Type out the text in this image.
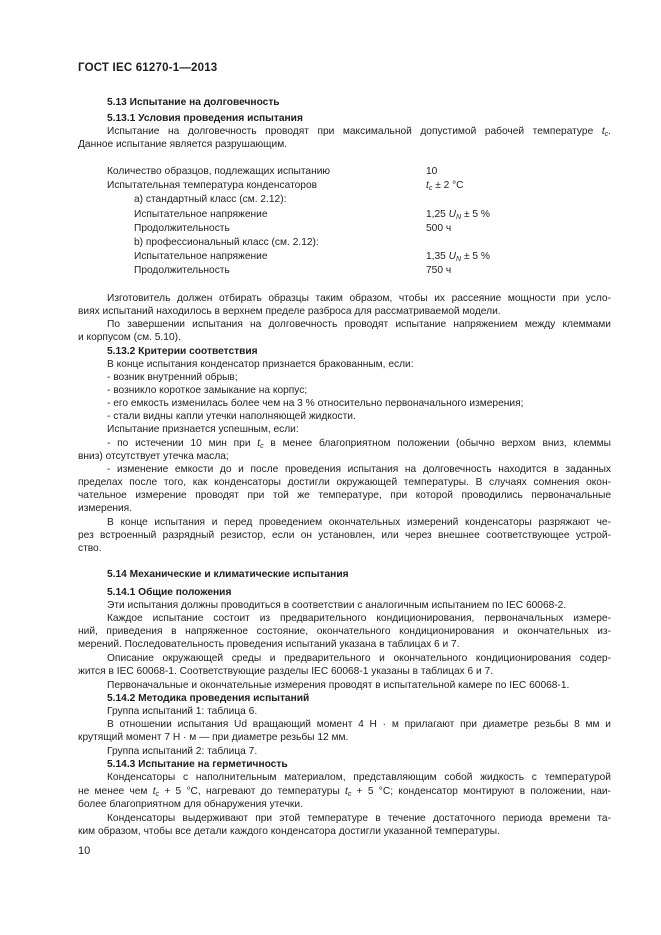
ГОСТ IEC 61270-1—2013
5.13 Испытание на долговечность
5.13.1 Условия проведения испытания
Испытание на долговечность проводят при максимальной допустимой рабочей температуре $t_c$.
Данное испытание является разрушающим.
Количество образцов, подлежащих испытанию	10
Испытательная температура конденсаторов	$t_c \pm 2$ °C
а) стандартный класс (см. 2.12):
Испытательное напряжение	1,25 $U_N \pm 5$ %
Продолжительность	500 ч
b) профессиональный класс (см. 2.12):
Испытательное напряжение	1,35 $U_N \pm 5$ %
Продолжительность	750 ч
Изготовитель должен отбирать образцы таким образом, чтобы их рассеяние мощности при усло-
виях испытаний находилось в верхнем пределе разброса для рассматриваемой модели.
По завершении испытания на долговечность проводят испытание напряжением между клеммами
и корпусом (см. 5.10).
5.13.2 Критерии соответствия
В конце испытания конденсатор признается бракованным, если:
- возник внутренний обрыв;
- возникло короткое замыкание на корпус;
- его емкость изменилась более чем на 3 % относительно первоначального измерения;
- стали видны капли утечки наполняющей жидкости.
Испытание признается успешным, если:
- по истечении 10 мин при $t_c$ в менее благоприятном положении (обычно верхом вниз, клеммы
вниз) отсутствует утечка масла;
- изменение емкости до и после проведения испытания на долговечность находится в заданных
пределах после того, как конденсаторы достигли окружающей температуры. В случаях сомнения окон-
чательное измерение проводят при той же температуре, при которой проводились первоначальные
измерения.
В конце испытания и перед проведением окончательных измерений конденсаторы разряжают че-
рез встроенный разрядный резистор, если он установлен, или через внешнее соответствующее устрой-
ство.
5.14 Механические и климатические испытания
5.14.1 Общие положения
Эти испытания должны проводиться в соответствии с аналогичным испытанием по IEC 60068-2.
Каждое испытание состоит из предварительного кондиционирования, первоначальных измере-
ний, приведения в напряженное состояние, окончательного кондиционирования и окончательных из-
мерений. Последовательность проведения испытаний указана в таблицах 6 и 7.
Описание окружающей среды и предварительного и окончательного кондиционирования содер-
жится в IEC 60068-1. Соответствующие разделы IEC 60068-1 указаны в таблицах 6 и 7.
Первоначальные и окончательные измерения проводят в испытательной камере по IEC 60068-1.
5.14.2 Методика проведения испытаний
Группа испытаний 1: таблица 6.
В отношении испытания Ud вращающий момент 4 Н · м прилагают при диаметре резьбы 8 мм и
крутящий момент 7 Н · м — при диаметре резьбы 12 мм.
Группа испытаний 2: таблица 7.
5.14.3 Испытание на герметичность
Конденсаторы с наполнительным материалом, представляющим собой жидкость с температурой
не менее чем $t_c + 5$ °C, нагревают до температуры $t_c + 5$ °C; конденсатор монтируют в положении, наи-
более благоприятном для обнаружения утечки.
Конденсаторы выдерживают при этой температуре в течение достаточного периода времени та-
ким образом, чтобы все детали каждого конденсатора достигли указанной температуры.
10
